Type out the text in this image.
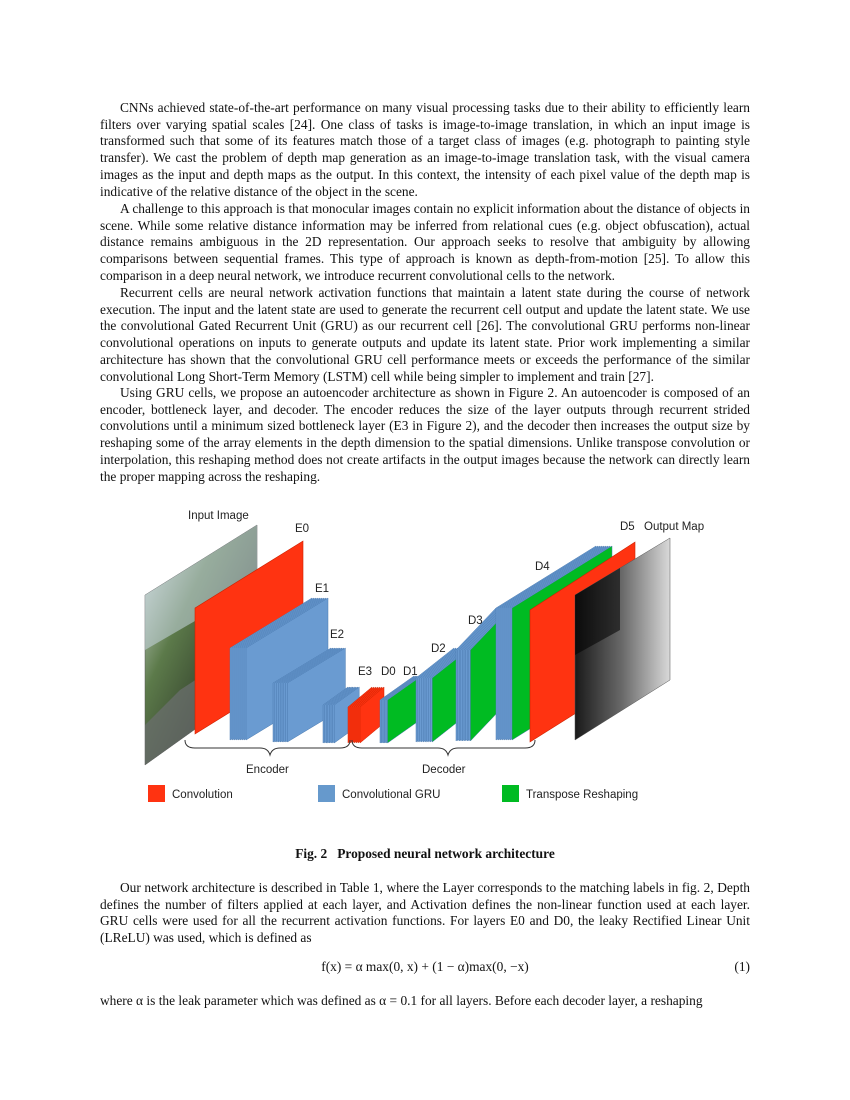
CNNs achieved state-of-the-art performance on many visual processing tasks due to their ability to efficiently learn filters over varying spatial scales [24]. One class of tasks is image-to-image translation, in which an input image is transformed such that some of its features match those of a target class of images (e.g. photograph to painting style transfer). We cast the problem of depth map generation as an image-to-image translation task, with the visual camera images as the input and depth maps as the output. In this context, the intensity of each pixel value of the depth map is indicative of the relative distance of the object in the scene.

A challenge to this approach is that monocular images contain no explicit information about the distance of objects in scene. While some relative distance information may be inferred from relational cues (e.g. object obfuscation), actual distance remains ambiguous in the 2D representation. Our approach seeks to resolve that ambiguity by allowing comparisons between sequential frames. This type of approach is known as depth-from-motion [25]. To allow this comparison in a deep neural network, we introduce recurrent convolutional cells to the network.

Recurrent cells are neural network activation functions that maintain a latent state during the course of network execution. The input and the latent state are used to generate the recurrent cell output and update the latent state. We use the convolutional Gated Recurrent Unit (GRU) as our recurrent cell [26]. The convolutional GRU performs non-linear convolutional operations on inputs to generate outputs and update its latent state. Prior work implementing a similar architecture has shown that the convolutional GRU cell performance meets or exceeds the performance of the similar convolutional Long Short-Term Memory (LSTM) cell while being simpler to implement and train [27].

Using GRU cells, we propose an autoencoder architecture as shown in Figure 2. An autoencoder is composed of an encoder, bottleneck layer, and decoder. The encoder reduces the size of the layer outputs through recurrent strided convolutions until a minimum sized bottleneck layer (E3 in Figure 2), and the decoder then increases the output size by reshaping some of the array elements in the depth dimension to the spatial dimensions. Unlike transpose convolution or interpolation, this reshaping method does not create artifacts in the output images because the network can directly learn the proper mapping across the reshaping.

Input Image
E0
E1
E2
E3 D0 D1
D2
D3
D4
D5 Output Map
Encoder	Decoder
Convolution	Convolutional GRU	Transpose Reshaping
Fig. 2 Proposed neural network architecture

Our network architecture is described in Table 1, where the Layer corresponds to the matching labels in fig. 2, Depth defines the number of filters applied at each layer, and Activation defines the non-linear function used at each layer. GRU cells were used for all the recurrent activation functions. For layers E0 and D0, the leaky Rectified Linear Unit (LReLU) was used, which is defined as

f(x) = α max(0, x) + (1 − α)max(0, −x)	(1)

where α is the leak parameter which was defined as α = 0.1 for all layers. Before each decoder layer, a reshaping
